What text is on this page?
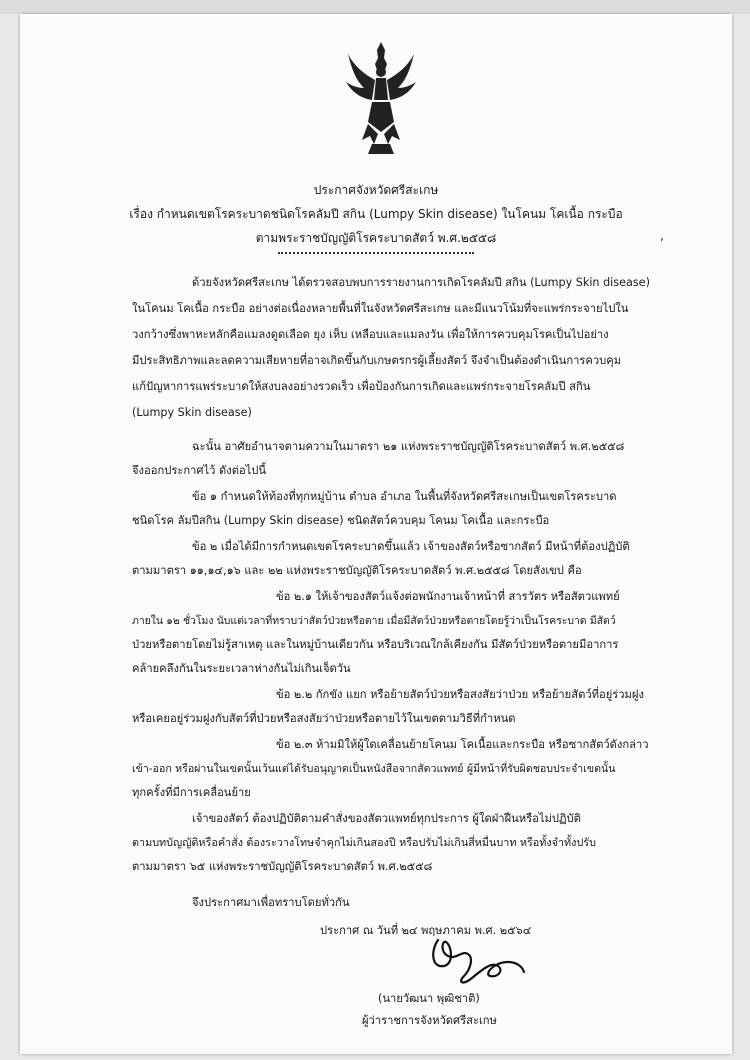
ประกาศจังหวัดศรีสะเกษ
เรื่อง กำหนดเขตโรคระบาดชนิดโรคลัมปี สกิน (Lumpy Skin disease) ในโคนม โคเนื้อ กระบือ
ตามพระราชบัญญัติโรคระบาดสัตว์ พ.ศ.๒๕๕๘	ʼ
ด้วยจังหวัดศรีสะเกษ ได้ตรวจสอบพบการรายงานการเกิดโรคลัมปี สกิน (Lumpy Skin disease)
ในโคนม โคเนื้อ กระบือ อย่างต่อเนื่องหลายพื้นที่ในจังหวัดศรีสะเกษ และมีแนวโน้มที่จะแพร่กระจายไปใน
วงกว้างซึ่งพาหะหลักคือแมลงดูดเลือด ยุง เห็บ เหลือบและแมลงวัน เพื่อให้การควบคุมโรคเป็นไปอย่าง
มีประสิทธิภาพและลดความเสียหายที่อาจเกิดขึ้นกับเกษตรกรผู้เลี้ยงสัตว์ จึงจำเป็นต้องดำเนินการควบคุม
แก้ปัญหาการแพร่ระบาดให้สงบลงอย่างรวดเร็ว เพื่อป้องกันการเกิดและแพร่กระจายโรคลัมปี สกิน
(Lumpy Skin disease)
ฉะนั้น อาศัยอำนาจตามความในมาตรา ๒๑ แห่งพระราชบัญญัติโรคระบาดสัตว์ พ.ศ.๒๕๕๘
จึงออกประกาศไว้ ดังต่อไปนี้
ข้อ ๑ กำหนดให้ท้องที่ทุกหมู่บ้าน ตำบล อำเภอ ในพื้นที่จังหวัดศรีสะเกษเป็นเขตโรคระบาด
ชนิดโรค ลัมปีสกิน (Lumpy Skin disease) ชนิดสัตว์ควบคุม โคนม โคเนื้อ และกระบือ
ข้อ ๒ เมื่อได้มีการกำหนดเขตโรคระบาดขึ้นแล้ว เจ้าของสัตว์หรือซากสัตว์ มีหน้าที่ต้องปฏิบัติ
ตามมาตรา ๑๑,๑๔,๑๖ และ ๒๒ แห่งพระราชบัญญัติโรคระบาดสัตว์ พ.ศ.๒๕๕๘ โดยสังเขป คือ
ข้อ ๒.๑ ให้เจ้าของสัตว์แจ้งต่อพนักงานเจ้าหน้าที่ สารวัตร หรือสัตวแพทย์
ภายใน ๑๒ ชั่วโมง นับแต่เวลาที่ทราบว่าสัตว์ป่วยหรือตาย เมื่อมีสัตว์ป่วยหรือตายโดยรู้ว่าเป็นโรคระบาด มีสัตว์
ป่วยหรือตายโดยไม่รู้สาเหตุ และในหมู่บ้านเดียวกัน หรือบริเวณใกล้เคียงกัน มีสัตว์ป่วยหรือตายมีอาการ
คล้ายคลึงกันในระยะเวลาห่างกันไม่เกินเจ็ดวัน
ข้อ ๒.๒ กักขัง แยก หรือย้ายสัตว์ป่วยหรือสงสัยว่าป่วย หรือย้ายสัตว์ที่อยู่ร่วมฝูง
หรือเคยอยู่ร่วมฝูงกับสัตว์ที่ป่วยหรือสงสัยว่าป่วยหรือตายไว้ในเขตตามวิธีที่กำหนด
ข้อ ๒.๓ ห้ามมิให้ผู้ใดเคลื่อนย้ายโคนม โคเนื้อและกระบือ หรือซากสัตว์ดังกล่าว
เข้า-ออก หรือผ่านในเขตนั้นเว้นแต่ได้รับอนุญาตเป็นหนังสือจากสัตวแพทย์ ผู้มีหน้าที่รับผิดชอบประจำเขตนั้น
ทุกครั้งที่มีการเคลื่อนย้าย
เจ้าของสัตว์ ต้องปฏิบัติตามคำสั่งของสัตวแพทย์ทุกประการ ผู้ใดฝ่าฝืนหรือไม่ปฏิบัติ
ตามบทบัญญัติหรือคำสั่ง ต้องระวางโทษจำคุกไม่เกินสองปี หรือปรับไม่เกินสี่หมื่นบาท หรือทั้งจำทั้งปรับ
ตามมาตรา ๖๕ แห่งพระราชบัญญัติโรคระบาดสัตว์ พ.ศ.๒๕๕๘
จึงประกาศมาเพื่อทราบโดยทั่วกัน
ประกาศ ณ วันที่ ๒๔ พฤษภาคม พ.ศ. ๒๕๖๔
(นายวัฒนา พุฒิชาติ)
ผู้ว่าราชการจังหวัดศรีสะเกษ
